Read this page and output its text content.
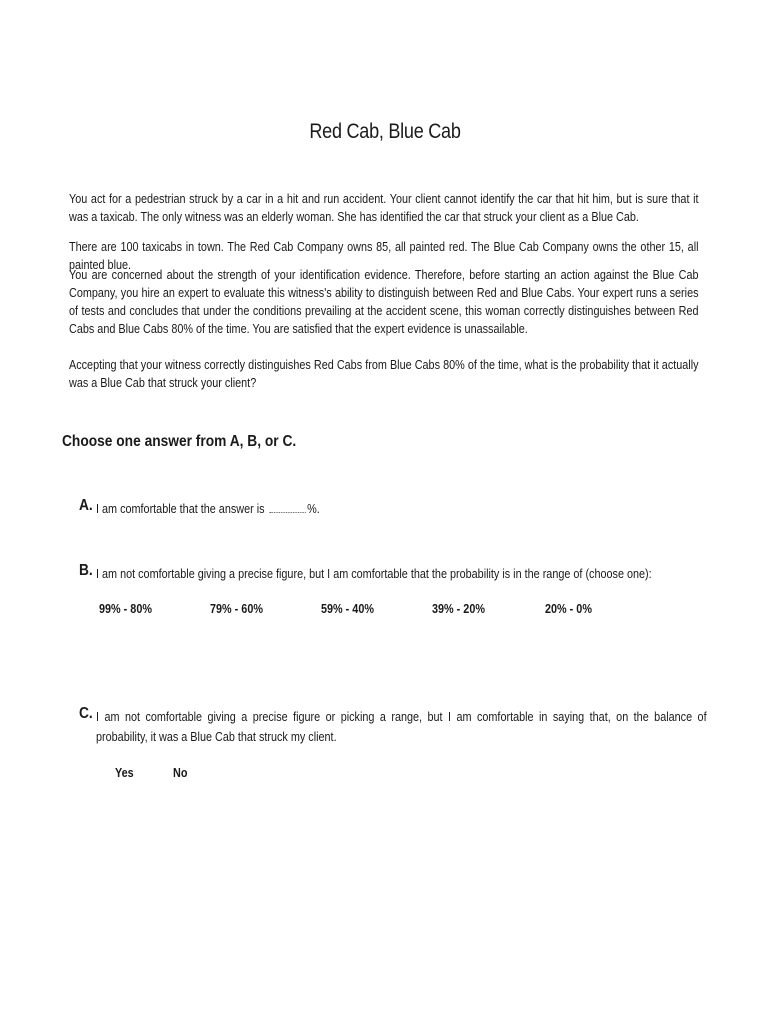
Red Cab, Blue Cab

You act for a pedestrian struck by a car in a hit and run accident. Your client cannot identify the car that hit him, but is sure that it was a taxicab. The only witness was an elderly woman. She has identified the car that struck your client as a Blue Cab.

There are 100 taxicabs in town. The Red Cab Company owns 85, all painted red. The Blue Cab Company owns the other 15, all painted blue.

You are concerned about the strength of your identification evidence. Therefore, before starting an action against the Blue Cab Company, you hire an expert to evaluate this witness's ability to distinguish between Red and Blue Cabs. Your expert runs a series of tests and concludes that under the conditions prevailing at the accident scene, this woman correctly distinguishes between Red Cabs and Blue Cabs 80% of the time. You are satisfied that the expert evidence is unassailable.

Accepting that your witness correctly distinguishes Red Cabs from Blue Cabs 80% of the time, what is the probability that it actually was a Blue Cab that struck your client?

Choose one answer from A, B, or C.
A. I am comfortable that the answer is	%.
B. I am not comfortable giving a precise figure, but I am comfortable that the probability is in the range of (choose one):
99% - 80%	79% - 60%	59% - 40%	39% - 20%	20% - 0%
C. I am not comfortable giving a precise figure or picking a range, but I am comfortable in saying that, on the balance of probability, it was a Blue Cab that struck my client.

Yes	No
